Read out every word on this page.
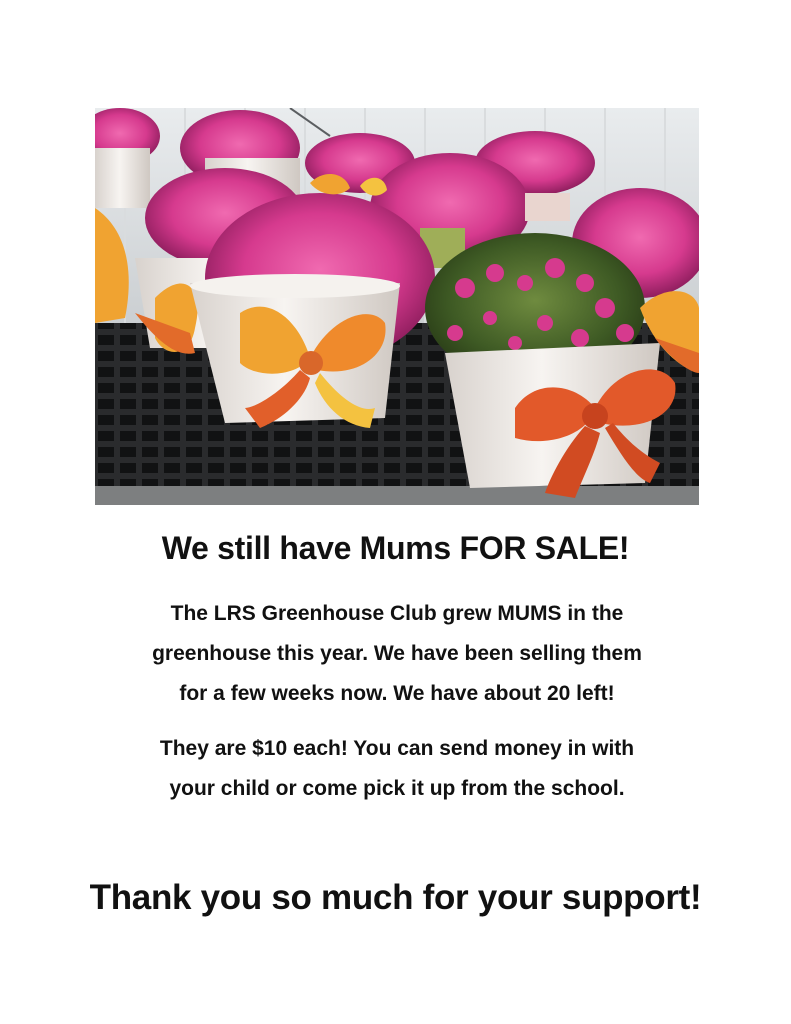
We still have Mums FOR SALE!
The LRS Greenhouse Club grew MUMS in the
greenhouse this year. We have been selling them
for a few weeks now. We have about 20 left!
They are $10 each! You can send money in with
your child or come pick it up from the school.
Thank you so much for your support!
